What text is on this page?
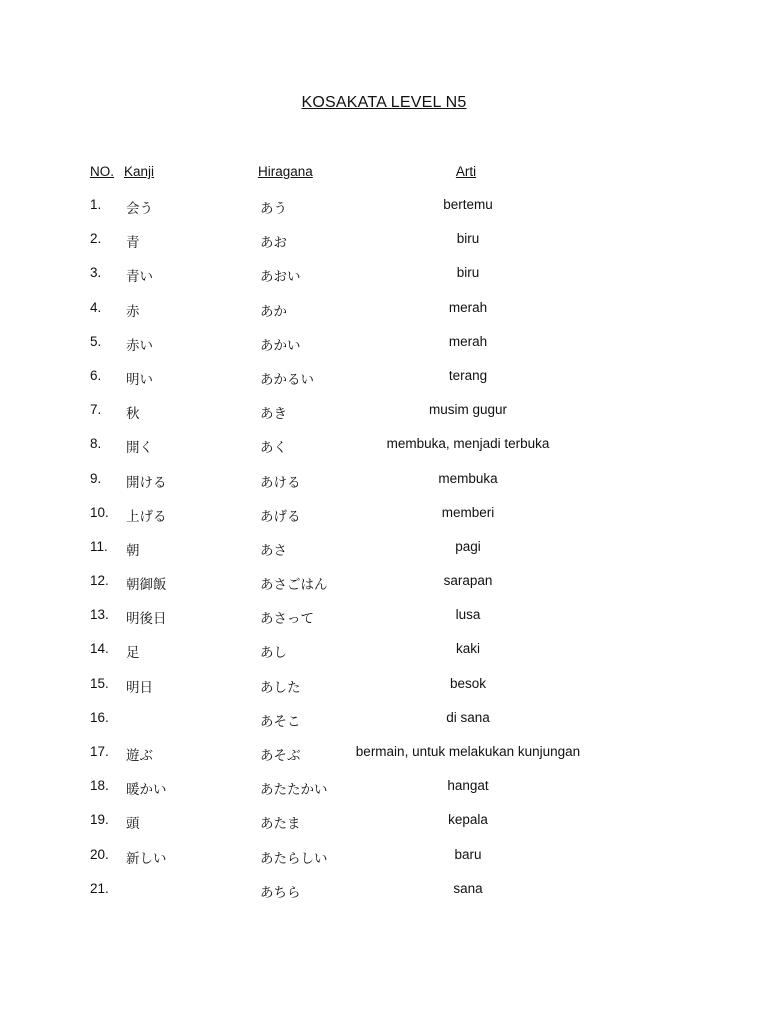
KOSAKATA LEVEL N5
NO. Kanji	Hiragana	Arti
1. 会う	あう	bertemu
2. 青	あお	biru
3. 青い	あおい	biru
4. 赤	あか	merah
5. 赤い	あかい	merah
6. 明い	あかるい	terang
7. 秋	あき	musim gugur
8. 開く	あく	membuka, menjadi terbuka
9. 開ける	あける	membuka
10. 上げる	あげる	memberi
11. 朝	あさ	pagi
12. 朝御飯	あさごはん	sarapan
13. 明後日	あさって	lusa
14. 足	あし	kaki
15. 明日	あした	besok
16.	あそこ	di sana
17. 遊ぶ	あそぶ	bermain, untuk melakukan kunjungan
18. 暖かい	あたたかい	hangat
19. 頭	あたま	kepala
20. 新しい	あたらしい	baru
21.	あちら	sana
